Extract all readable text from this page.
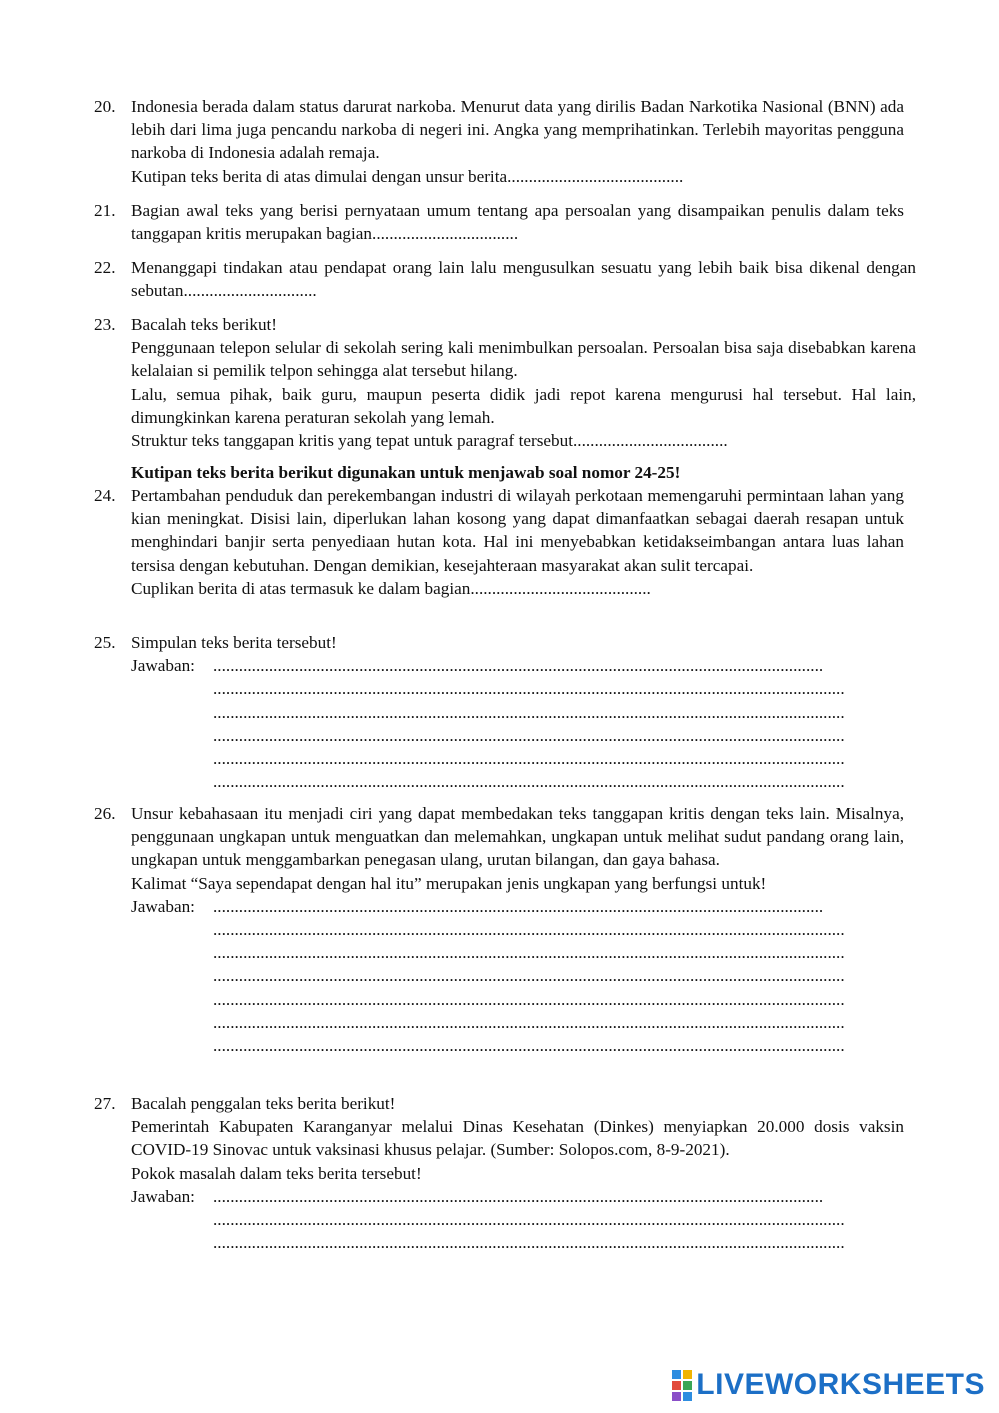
20. Indonesia berada dalam status darurat narkoba. Menurut data yang dirilis Badan Narkotika Nasional (BNN) ada lebih dari lima juga pencandu narkoba di negeri ini. Angka yang memprihatinkan. Terlebih mayoritas pengguna narkoba di Indonesia adalah remaja.
Kutipan teks berita di atas dimulai dengan unsur berita.........................................
21. Bagian awal teks yang berisi pernyataan umum tentang apa persoalan yang disampaikan penulis dalam teks tanggapan kritis merupakan bagian..................................
22. Menanggapi tindakan atau pendapat orang lain lalu mengusulkan sesuatu yang lebih baik bisa dikenal dengan sebutan...............................
23. Bacalah teks berikut!
Penggunaan telepon selular di sekolah sering kali menimbulkan persoalan. Persoalan bisa saja disebabkan karena kelalaian si pemilik telpon sehingga alat tersebut hilang.
Lalu, semua pihak, baik guru, maupun peserta didik jadi repot karena mengurusi hal tersebut. Hal lain, dimungkinkan karena peraturan sekolah yang lemah.
Struktur teks tanggapan kritis yang tepat untuk paragraf tersebut....................................
Kutipan teks berita berikut digunakan untuk menjawab soal nomor 24-25!
24. Pertambahan penduduk dan perekembangan industri di wilayah perkotaan memengaruhi permintaan lahan yang kian meningkat. Disisi lain, diperlukan lahan kosong yang dapat dimanfaatkan sebagai daerah resapan untuk menghindari banjir serta penyediaan hutan kota. Hal ini menyebabkan ketidakseimbangan antara luas lahan tersisa dengan kebutuhan. Dengan demikian, kesejahteraan masyarakat akan sulit tercapai.
Cuplikan berita di atas termasuk ke dalam bagian..........................................
25. Simpulan teks berita tersebut!
Jawaban: ..............................................................................................................................................
...................................................................................................................................................
...................................................................................................................................................
...................................................................................................................................................
...................................................................................................................................................
...................................................................................................................................................
26. Unsur kebahasaan itu menjadi ciri yang dapat membedakan teks tanggapan kritis dengan teks lain. Misalnya, penggunaan ungkapan untuk menguatkan dan melemahkan, ungkapan untuk melihat sudut pandang orang lain, ungkapan untuk menggambarkan penegasan ulang, urutan bilangan, dan gaya bahasa.
Kalimat “Saya sependapat dengan hal itu” merupakan jenis ungkapan yang berfungsi untuk!
Jawaban: ..............................................................................................................................................
...................................................................................................................................................
...................................................................................................................................................
...................................................................................................................................................
...................................................................................................................................................
...................................................................................................................................................
...................................................................................................................................................
27. Bacalah penggalan teks berita berikut!
Pemerintah Kabupaten Karanganyar melalui Dinas Kesehatan (Dinkes) menyiapkan 20.000 dosis vaksin COVID-19 Sinovac untuk vaksinasi khusus pelajar. (Sumber: Solopos.com, 8-9-2021).
Pokok masalah dalam teks berita tersebut!
Jawaban: ..............................................................................................................................................
...................................................................................................................................................
...................................................................................................................................................
LIVEWORKSHEETS
